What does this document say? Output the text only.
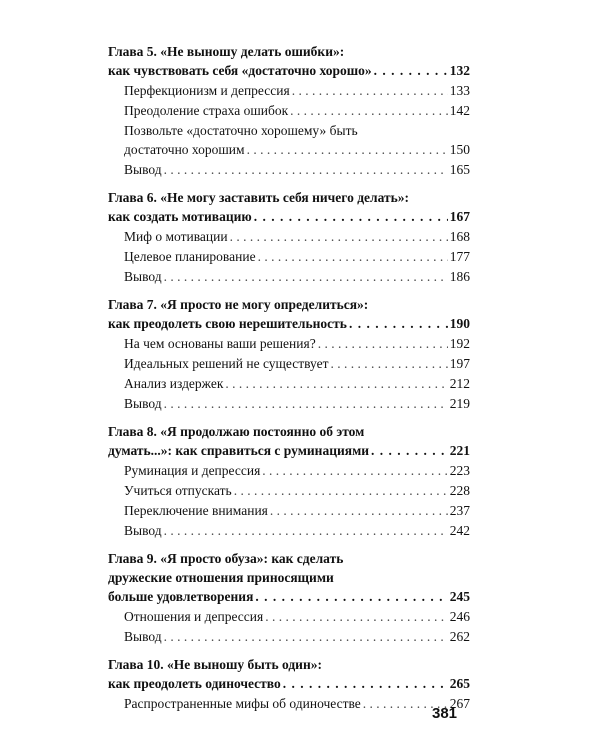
Глава 5. «Не выношу делать ошибки»:
как чувствовать себя «достаточно хорошо» . . .	132
Перфекционизм и депрессия . . .	133
Преодоление страха ошибок . . .	142
Позвольте «достаточно хорошему» быть
достаточно хорошим . . .	150
Вывод . . .	165
Глава 6. «Не могу заставить себя ничего делать»:
как создать мотивацию . . .	167
Миф о мотивации . . .	168
Целевое планирование . . .	177
Вывод . . .	186
Глава 7. «Я просто не могу определиться»:
как преодолеть свою нерешительность . . .	190
На чем основаны ваши решения? . . .	192
Идеальных решений не существует . . .	197
Анализ издержек . . .	212
Вывод . . .	219
Глава 8. «Я продолжаю постоянно об этом
думать...»: как справиться с руминациями . . .	221
Руминация и депрессия . . .	223
Учиться отпускать . . .	228
Переключение внимания . . .	237
Вывод . . .	242
Глава 9. «Я просто обуза»: как сделать
дружеские отношения приносящими
больше удовлетворения . . .	245
Отношения и депрессия . . .	246
Вывод . . .	262
Глава 10. «Не выношу быть один»:
как преодолеть одиночество . . .	265
Распространенные мифы об одиночестве . . .	267
381
